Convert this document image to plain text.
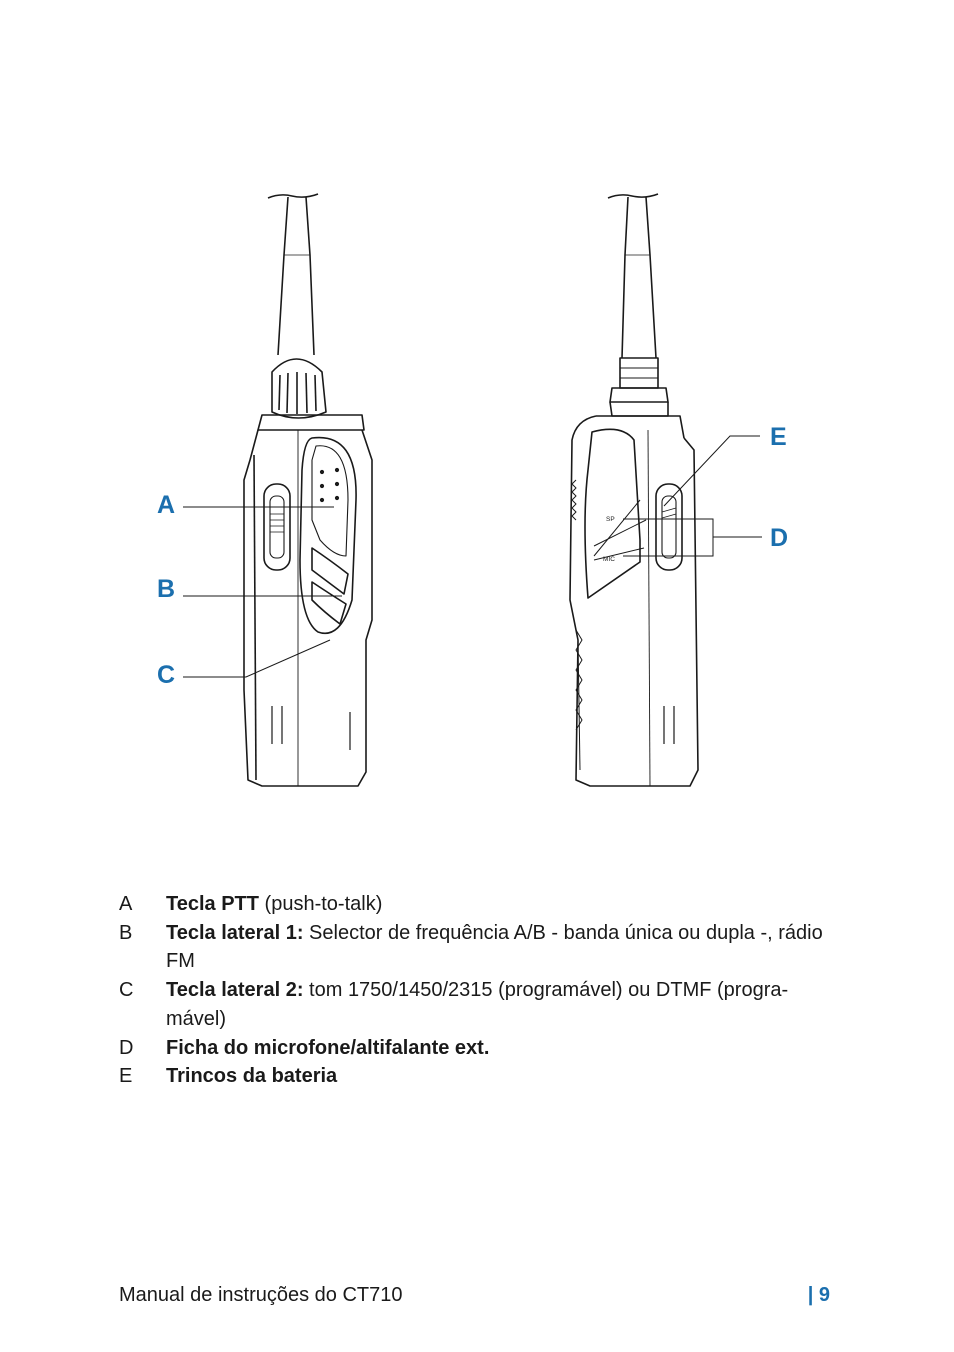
A
B
C
SP
MIC
E
D
A	Tecla PTT (push-to-talk)
B	Tecla lateral 1: Selector de frequência A/B - banda única ou dupla -, rádio FM
C	Tecla lateral 2: tom 1750/1450/2315 (programável) ou DTMF (progra-mável)
D	Ficha do microfone/altifalante ext.
E	Trincos da bateria
Manual de instruções do CT710	| 9
